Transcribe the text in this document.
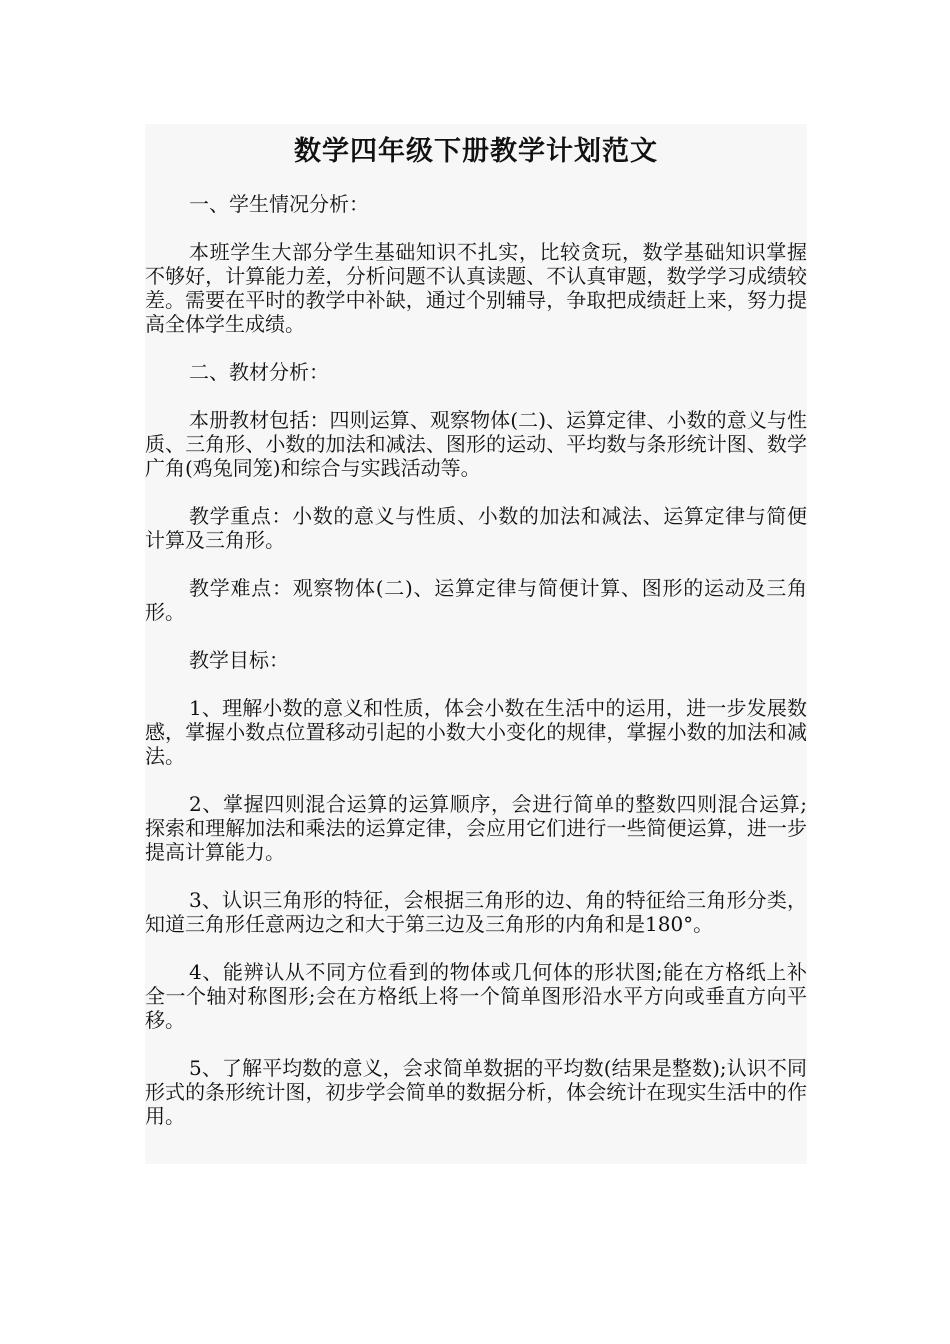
数学四年级下册教学计划范文

一、学生情况分析：

本班学生大部分学生基础知识不扎实，比较贪玩，数学基础知识掌握不够好，计算能力差，分析问题不认真读题、不认真审题，数学学习成绩较差。需要在平时的教学中补缺，通过个别辅导，争取把成绩赶上来，努力提高全体学生成绩。

二、教材分析：

本册教材包括：四则运算、观察物体(二)、运算定律、小数的意义与性质、三角形、小数的加法和减法、图形的运动、平均数与条形统计图、数学广角(鸡兔同笼)和综合与实践活动等。

教学重点：小数的意义与性质、小数的加法和减法、运算定律与简便计算及三角形。

教学难点：观察物体(二)、运算定律与简便计算、图形的运动及三角形。

教学目标：

1、理解小数的意义和性质，体会小数在生活中的运用，进一步发展数感，掌握小数点位置移动引起的小数大小变化的规律，掌握小数的加法和减法。

2、掌握四则混合运算的运算顺序，会进行简单的整数四则混合运算;探索和理解加法和乘法的运算定律，会应用它们进行一些简便运算，进一步提高计算能力。

3、认识三角形的特征，会根据三角形的边、角的特征给三角形分类，知道三角形任意两边之和大于第三边及三角形的内角和是180°。

4、能辨认从不同方位看到的物体或几何体的形状图;能在方格纸上补全一个轴对称图形;会在方格纸上将一个简单图形沿水平方向或垂直方向平移。

5、了解平均数的意义，会求简单数据的平均数(结果是整数);认识不同形式的条形统计图，初步学会简单的数据分析，体会统计在现实生活中的作用。
